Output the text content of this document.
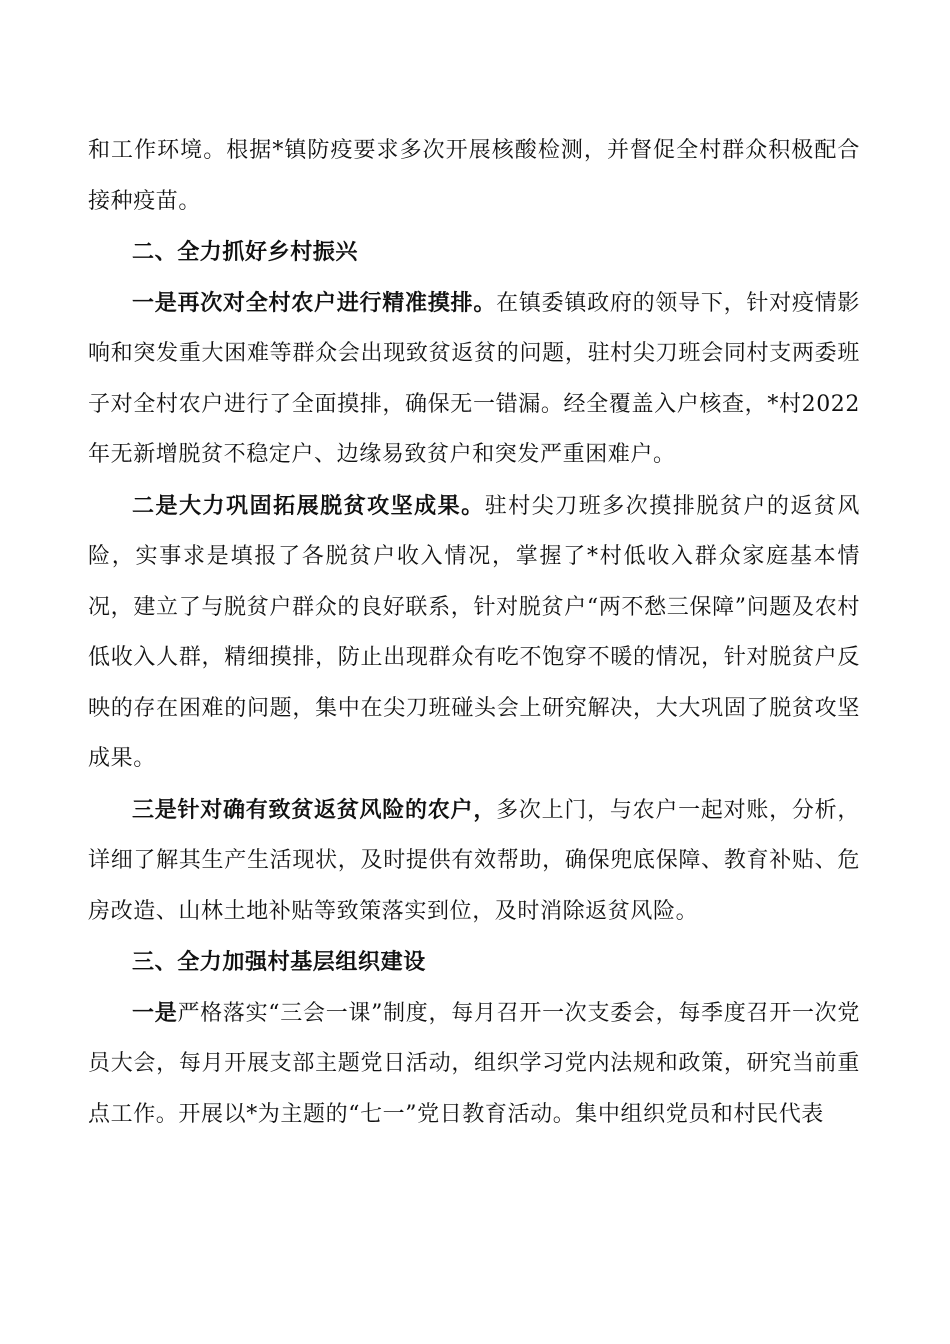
和工作环境。根据*镇防疫要求多次开展核酸检测，并督促全村群众积极配合接种疫苗。

二、全力抓好乡村振兴

一是再次对全村农户进行精准摸排。在镇委镇政府的领导下，针对疫情影响和突发重大困难等群众会出现致贫返贫的问题，驻村尖刀班会同村支两委班子对全村农户进行了全面摸排，确保无一错漏。经全覆盖入户核查，*村2022年无新增脱贫不稳定户、边缘易致贫户和突发严重困难户。

二是大力巩固拓展脱贫攻坚成果。驻村尖刀班多次摸排脱贫户的返贫风险，实事求是填报了各脱贫户收入情况，掌握了*村低收入群众家庭基本情况，建立了与脱贫户群众的良好联系，针对脱贫户“两不愁三保障”问题及农村低收入人群，精细摸排，防止出现群众有吃不饱穿不暖的情况，针对脱贫户反映的存在困难的问题，集中在尖刀班碰头会上研究解决，大大巩固了脱贫攻坚成果。

三是针对确有致贫返贫风险的农户，多次上门，与农户一起对账，分析，详细了解其生产生活现状，及时提供有效帮助，确保兜底保障、教育补贴、危房改造、山林土地补贴等致策落实到位，及时消除返贫风险。

三、全力加强村基层组织建设

一是严格落实“三会一课”制度，每月召开一次支委会，每季度召开一次党员大会，每月开展支部主题党日活动，组织学习党内法规和政策，研究当前重点工作。开展以*为主题的“七一”党日教育活动。集中组织党员和村民代表
